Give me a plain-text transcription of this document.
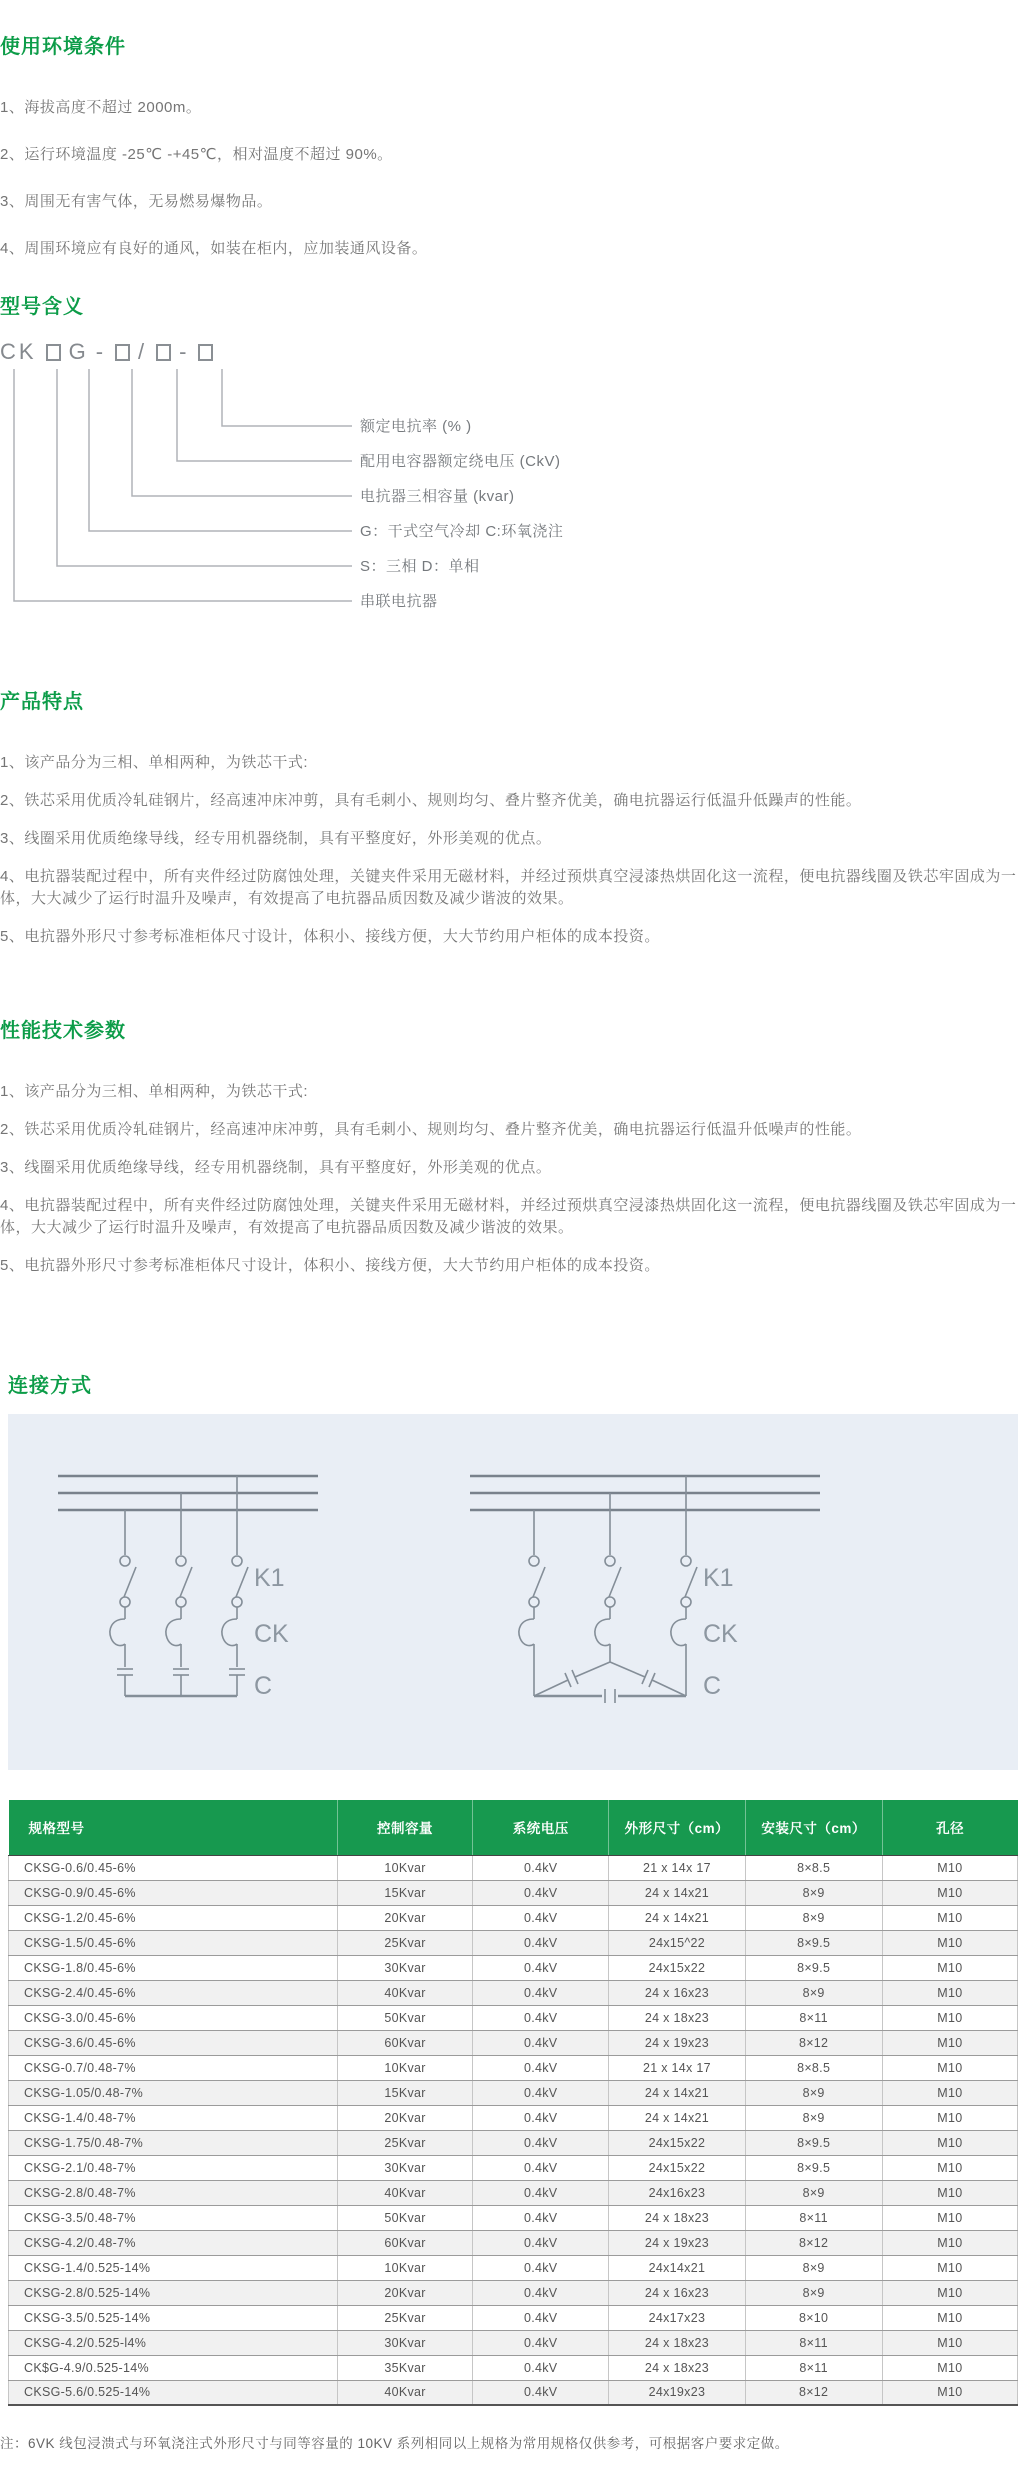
使用环境条件
1、海拔高度不超过 2000m。
2、运行环境温度 -25℃ -+45℃，相对温度不超过 90%。
3、周围无有害气体，无易燃易爆物品。
4、周围环境应有良好的通风，如装在柜内，应加装通风设备。
型号含义
CK G - / -
额定电抗率 (% )
配用电容器额定绕电压 (CkV)
电抗器三相容量 (kvar)
G：干式空气冷却 C:环氧浇注
S：三相 D：单相
串联电抗器
产品特点
1、该产品分为三相、单相两种，为铁芯干式:
2、铁芯采用优质冷轧硅钢片，经高速冲床冲剪，具有毛刺小、规则均匀、叠片整齐优美，确电抗器运行低温升低躁声的性能。
3、线圈采用优质绝缘导线，经专用机器绕制，具有平整度好，外形美观的优点。
4、电抗器装配过程中，所有夹件经过防腐蚀处理，关键夹件采用无磁材料，并经过预烘真空浸漆热烘固化这一流程，便电抗器线圈及铁芯牢固成为一体，大大减少了运行时温升及噪声，有效提高了电抗器品质因数及减少谐波的效果。
5、电抗器外形尺寸参考标准柜体尺寸设计，体积小、接线方便，大大节约用户柜体的成本投资。
性能技术参数
1、该产品分为三相、单相两种，为铁芯干式:
2、铁芯采用优质冷轧硅钢片，经高速冲床冲剪，具有毛刺小、规则均匀、叠片整齐优美，确电抗器运行低温升低噪声的性能。
3、线圈采用优质绝缘导线，经专用机器绕制，具有平整度好，外形美观的优点。
4、电抗器装配过程中，所有夹件经过防腐蚀处理，关键夹件采用无磁材料，并经过预烘真空浸漆热烘固化这一流程，便电抗器线圈及铁芯牢固成为一体，大大减少了运行时温升及噪声，有效提高了电抗器品质因数及减少谐波的效果。
5、电抗器外形尺寸参考标准柜体尺寸设计，体积小、接线方便，大大节约用户柜体的成本投资。
连接方式
K1
CK
C
K1
CK
C
规格型号	控制容量	系统电压	外形尺寸（cm）	安装尺寸（cm）	孔径
CKSG-0.6/0.45-6%	10Kvar	0.4kV	21 x 14x 17	8×8.5	M10
CKSG-0.9/0.45-6%	15Kvar	0.4kV	24 x 14x21	8×9	M10
CKSG-1.2/0.45-6%	20Kvar	0.4kV	24 x 14x21	8×9	M10
CKSG-1.5/0.45-6%	25Kvar	0.4kV	24x15^22	8×9.5	M10
CKSG-1.8/0.45-6%	30Kvar	0.4kV	24x15x22	8×9.5	M10
CKSG-2.4/0.45-6%	40Kvar	0.4kV	24 x 16x23	8×9	M10
CKSG-3.0/0.45-6%	50Kvar	0.4kV	24 x 18x23	8×11	M10
CKSG-3.6/0.45-6%	60Kvar	0.4kV	24 x 19x23	8×12	M10
CKSG-0.7/0.48-7%	10Kvar	0.4kV	21 x 14x 17	8×8.5	M10
CKSG-1.05/0.48-7%	15Kvar	0.4kV	24 x 14x21	8×9	M10
CKSG-1.4/0.48-7%	20Kvar	0.4kV	24 x 14x21	8×9	M10
CKSG-1.75/0.48-7%	25Kvar	0.4kV	24x15x22	8×9.5	M10
CKSG-2.1/0.48-7%	30Kvar	0.4kV	24x15x22	8×9.5	M10
CKSG-2.8/0.48-7%	40Kvar	0.4kV	24x16x23	8×9	M10
CKSG-3.5/0.48-7%	50Kvar	0.4kV	24 x 18x23	8×11	M10
CKSG-4.2/0.48-7%	60Kvar	0.4kV	24 x 19x23	8×12	M10
CKSG-1.4/0.525-14%	10Kvar	0.4kV	24x14x21	8×9	M10
CKSG-2.8/0.525-14%	20Kvar	0.4kV	24 x 16x23	8×9	M10
CKSG-3.5/0.525-14%	25Kvar	0.4kV	24x17x23	8×10	M10
CKSG-4.2/0.525-l4%	30Kvar	0.4kV	24 x 18x23	8×11	M10
CK$G-4.9/0.525-14%	35Kvar	0.4kV	24 x 18x23	8×11	M10
CKSG-5.6/0.525-14%	40Kvar	0.4kV	24x19x23	8×12	M10
注：6VK 线包浸溃式与环氧浇注式外形尺寸与同等容量的 10KV 系列相同以上规格为常用规格仅供参考，可根据客户要求定做。
